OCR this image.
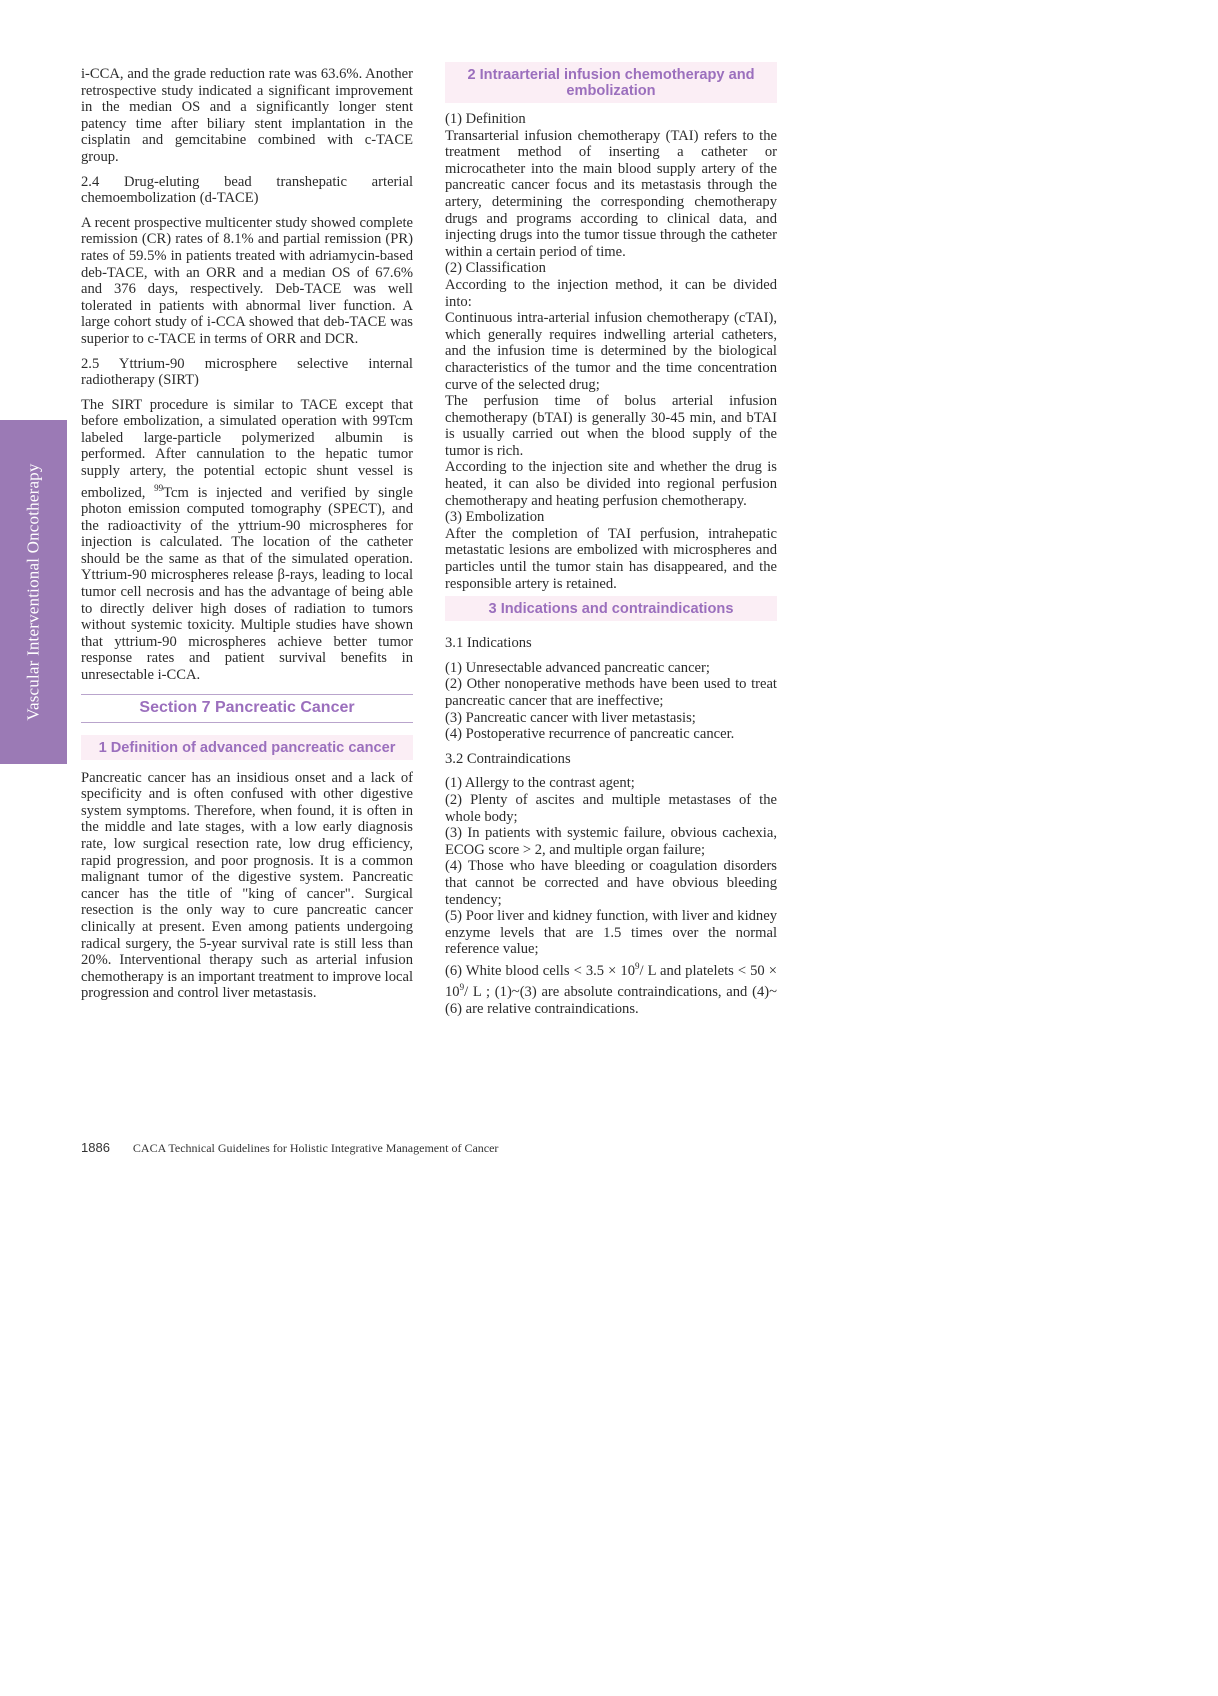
Vascular Interventional Oncotherapy

i-CCA, and the grade reduction rate was 63.6%. Another retrospective study indicated a significant improvement in the median OS and a significantly longer stent patency time after biliary stent implantation in the cisplatin and gemcitabine combined with c-TACE group.

2.4 Drug-eluting bead transhepatic arterial chemoembolization (d-TACE)

A recent prospective multicenter study showed complete remission (CR) rates of 8.1% and partial remission (PR) rates of 59.5% in patients treated with adriamycin-based deb-TACE, with an ORR and a median OS of 67.6% and 376 days, respectively. Deb-TACE was well tolerated in patients with abnormal liver function. A large cohort study of i-CCA showed that deb-TACE was superior to c-TACE in terms of ORR and DCR.

2.5 Yttrium-90 microsphere selective internal radiotherapy (SIRT)

The SIRT procedure is similar to TACE except that before embolization, a simulated operation with 99Tcm labeled large-particle polymerized albumin is performed. After cannulation to the hepatic tumor supply artery, the potential ectopic shunt vessel is embolized, $^{99}$Tcm is injected and verified by single photon emission computed tomography (SPECT), and the radioactivity of the yttrium-90 microspheres for injection is calculated. The location of the catheter should be the same as that of the simulated operation. Yttrium-90 microspheres release β-rays, leading to local tumor cell necrosis and has the advantage of being able to directly deliver high doses of radiation to tumors without systemic toxicity. Multiple studies have shown that yttrium-90 microspheres achieve better tumor response rates and patient survival benefits in unresectable i-CCA.

Section 7 Pancreatic Cancer
1 Definition of advanced pancreatic cancer

Pancreatic cancer has an insidious onset and a lack of specificity and is often confused with other digestive system symptoms. Therefore, when found, it is often in the middle and late stages, with a low early diagnosis rate, low surgical resection rate, low drug efficiency, rapid progression, and poor prognosis. It is a common malignant tumor of the digestive system. Pancreatic cancer has the title of "king of cancer". Surgical resection is the only way to cure pancreatic cancer clinically at present. Even among patients undergoing radical surgery, the 5-year survival rate is still less than 20%. Interventional therapy such as arterial infusion chemotherapy is an important treatment to improve local progression and control liver metastasis.

2 Intraarterial infusion chemotherapy and embolization

(1) Definition

Transarterial infusion chemotherapy (TAI) refers to the treatment method of inserting a catheter or microcatheter into the main blood supply artery of the pancreatic cancer focus and its metastasis through the artery, determining the corresponding chemotherapy drugs and programs according to clinical data, and injecting drugs into the tumor tissue through the catheter within a certain period of time.

(2) Classification

According to the injection method, it can be divided into:

Continuous intra-arterial infusion chemotherapy (cTAI), which generally requires indwelling arterial catheters, and the infusion time is determined by the biological characteristics of the tumor and the time concentration curve of the selected drug;

The perfusion time of bolus arterial infusion chemotherapy (bTAI) is generally 30-45 min, and bTAI is usually carried out when the blood supply of the tumor is rich.

According to the injection site and whether the drug is heated, it can also be divided into regional perfusion chemotherapy and heating perfusion chemotherapy.

(3) Embolization

After the completion of TAI perfusion, intrahepatic metastatic lesions are embolized with microspheres and particles until the tumor stain has disappeared, and the responsible artery is retained.

3 Indications and contraindications

3.1 Indications

(1) Unresectable advanced pancreatic cancer;

(2) Other nonoperative methods have been used to treat pancreatic cancer that are ineffective;

(3) Pancreatic cancer with liver metastasis;

(4) Postoperative recurrence of pancreatic cancer.

3.2 Contraindications

(1) Allergy to the contrast agent;

(2) Plenty of ascites and multiple metastases of the whole body;

(3) In patients with systemic failure, obvious cachexia, ECOG score > 2, and multiple organ failure;

(4) Those who have bleeding or coagulation disorders that cannot be corrected and have obvious bleeding tendency;

(5) Poor liver and kidney function, with liver and kidney enzyme levels that are 1.5 times over the normal reference value;

(6) White blood cells < $3.5 \times 10^9/$ L and platelets < $50 \times 10^9/$ L ; (1)~(3) are absolute contraindications, and (4)~(6) are relative contraindications.

1886 CACA Technical Guidelines for Holistic Integrative Management of Cancer
